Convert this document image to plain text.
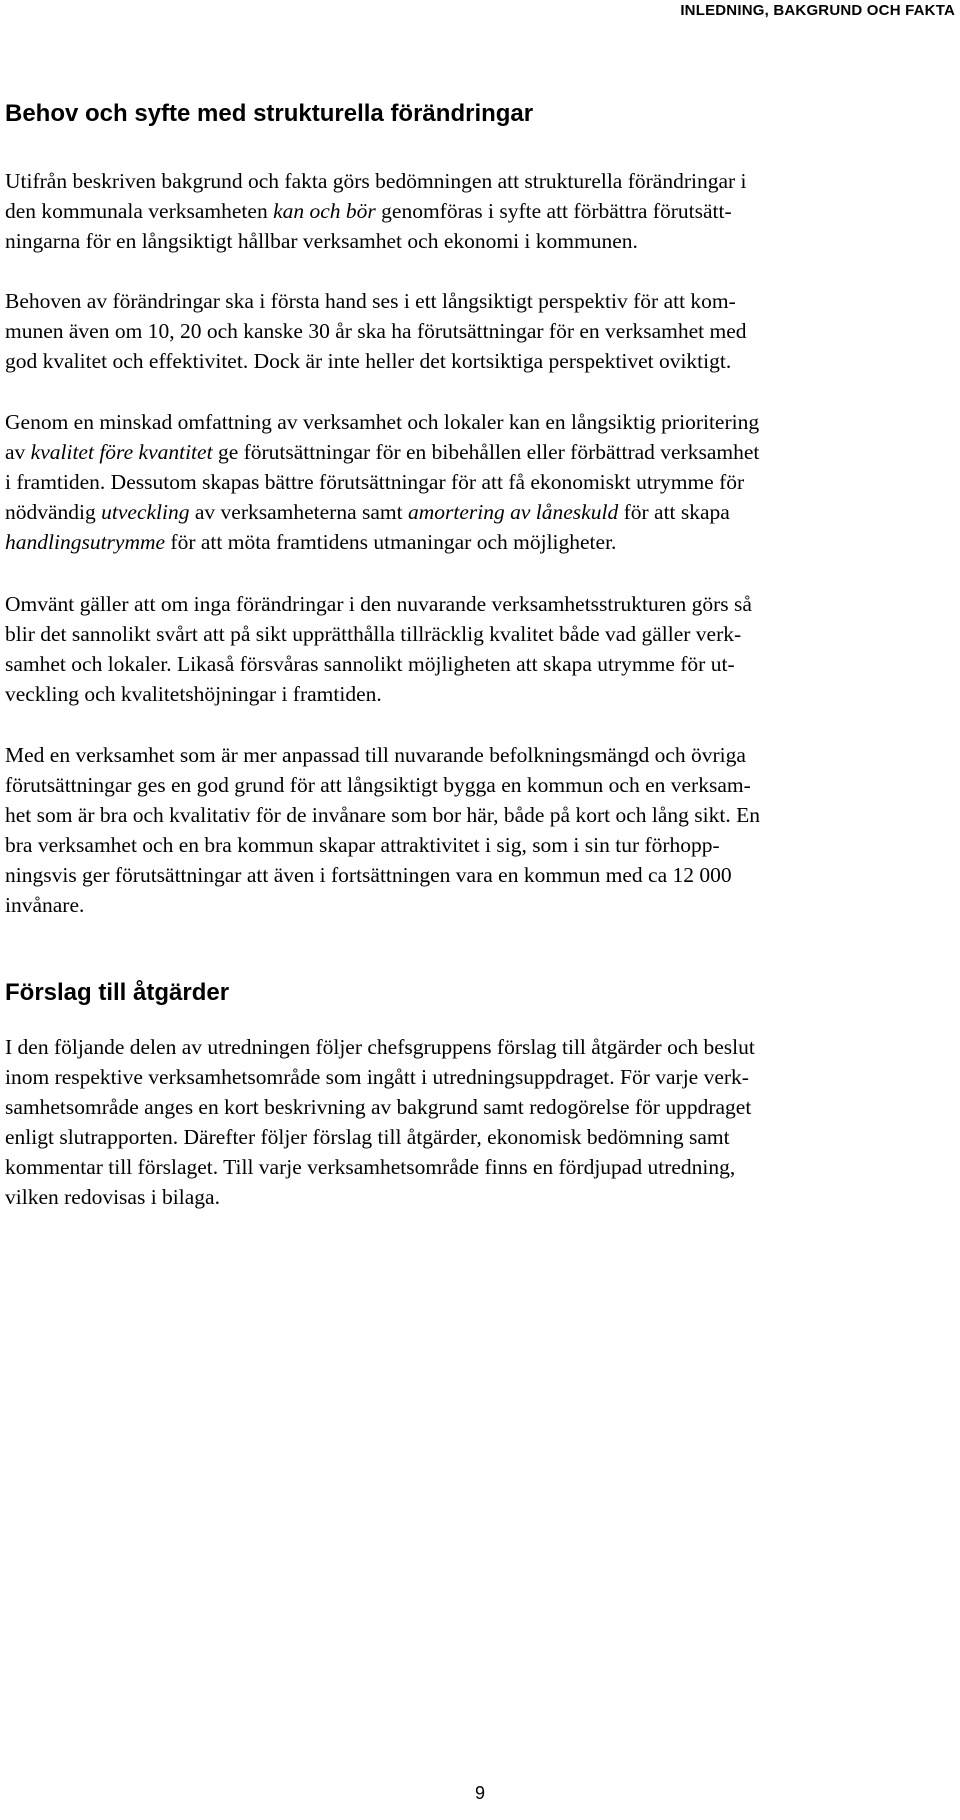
INLEDNING, BAKGRUND OCH FAKTA
Behov och syfte med strukturella förändringar

Utifrån beskriven bakgrund och fakta görs bedömningen att strukturella förändringar i
den kommunala verksamheten kan och bör genomföras i syfte att förbättra förutsätt-
ningarna för en långsiktigt hållbar verksamhet och ekonomi i kommunen.

Behoven av förändringar ska i första hand ses i ett långsiktigt perspektiv för att kom-
munen även om 10, 20 och kanske 30 år ska ha förutsättningar för en verksamhet med
god kvalitet och effektivitet. Dock är inte heller det kortsiktiga perspektivet oviktigt.

Genom en minskad omfattning av verksamhet och lokaler kan en långsiktig prioritering
av kvalitet före kvantitet ge förutsättningar för en bibehållen eller förbättrad verksamhet
i framtiden. Dessutom skapas bättre förutsättningar för att få ekonomiskt utrymme för
nödvändig utveckling av verksamheterna samt amortering av låneskuld för att skapa
handlingsutrymme för att möta framtidens utmaningar och möjligheter.

Omvänt gäller att om inga förändringar i den nuvarande verksamhetsstrukturen görs så
blir det sannolikt svårt att på sikt upprätthålla tillräcklig kvalitet både vad gäller verk-
samhet och lokaler. Likaså försvåras sannolikt möjligheten att skapa utrymme för ut-
veckling och kvalitetshöjningar i framtiden.

Med en verksamhet som är mer anpassad till nuvarande befolkningsmängd och övriga
förutsättningar ges en god grund för att långsiktigt bygga en kommun och en verksam-
het som är bra och kvalitativ för de invånare som bor här, både på kort och lång sikt. En
bra verksamhet och en bra kommun skapar attraktivitet i sig, som i sin tur förhopp-
ningsvis ger förutsättningar att även i fortsättningen vara en kommun med ca 12 000
invånare.

Förslag till åtgärder

I den följande delen av utredningen följer chefsgruppens förslag till åtgärder och beslut
inom respektive verksamhetsområde som ingått i utredningsuppdraget. För varje verk-
samhetsområde anges en kort beskrivning av bakgrund samt redogörelse för uppdraget
enligt slutrapporten. Därefter följer förslag till åtgärder, ekonomisk bedömning samt
kommentar till förslaget. Till varje verksamhetsområde finns en fördjupad utredning,
vilken redovisas i bilaga.

9
